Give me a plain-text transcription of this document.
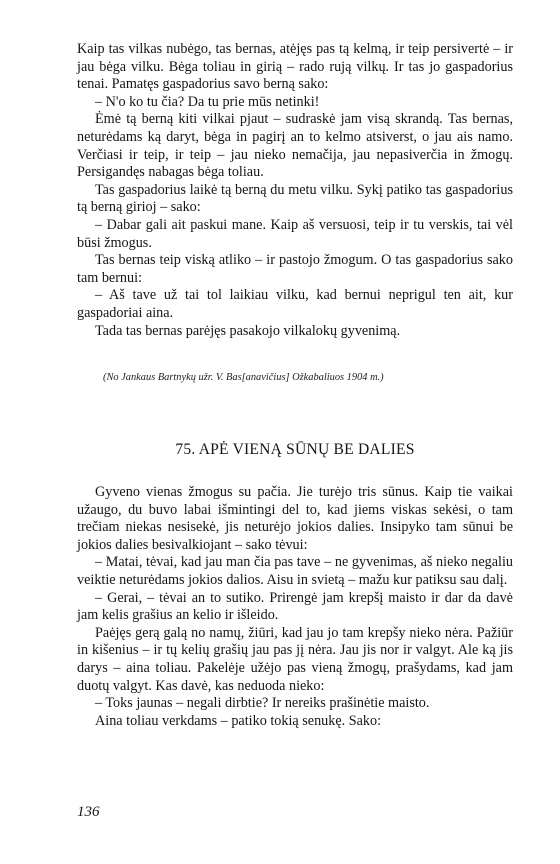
Kaip tas vilkas nubėgo, tas bernas, atėjęs pas tą kelmą, ir teip persivertė – ir jau bėga vilku. Bėga toliau in girią – rado rują vilkų. Ir tas jo gaspadorius tenai. Pamatęs gaspadorius savo berną sako:

– N'o ko tu čia? Da tu prie mūs netinki!

Ėmė tą berną kiti vilkai pjaut – sudraskė jam visą skrandą. Tas bernas, neturėdams ką daryt, bėga in pagirį an to kelmo atsiverst, o jau ais namo. Verčiasi ir teip, ir teip – jau nieko nemačija, jau nepasiverčia in žmogų. Persigandęs nabagas bėga toliau.

Tas gaspadorius laikė tą berną du metu vilku. Sykį patiko tas gaspadorius tą berną girioj – sako:

– Dabar gali ait paskui mane. Kaip aš versuosi, teip ir tu verskis, tai vėl būsi žmogus.

Tas bernas teip viską atliko – ir pastojo žmogum. O tas gaspadorius sako tam bernui:

– Aš tave už tai tol laikiau vilku, kad bernui neprigul ten ait, kur gaspadoriai aina.

Tada tas bernas parėjęs pasakojo vilkalokų gyvenimą.

(No Jankaus Bartnykų užr. V. Bas[anavičius] Ožkabaliuos 1904 m.)
75. APĖ VIENĄ SŪNŲ BE DALIES

Gyveno vienas žmogus su pačia. Jie turėjo tris sūnus. Kaip tie vaikai užaugo, du buvo labai išmintingi del to, kad jiems viskas sekėsi, o tam trečiam niekas nesisekė, jis neturėjo jokios dalies. Insipyko tam sūnui be jokios dalies besivalkiojant – sako tėvui:

– Matai, tėvai, kad jau man čia pas tave – ne gyvenimas, aš nieko negaliu veiktie neturėdams jokios dalios. Aisu in svietą – mažu kur patiksu sau dalį.

– Gerai, – tėvai an to sutiko. Prirengė jam krepšį maisto ir dar da davė jam kelis grašius an kelio ir išleido.

Paėjęs gerą galą no namų, žiūri, kad jau jo tam krepšy nieko nėra. Pažiūr in kišenius – ir tų kelių grašių jau pas jį nėra. Jau jis nor ir valgyt. Ale ką jis darys – aina toliau. Pakelėje užėjo pas vieną žmogų, prašydams, kad jam duotų valgyt. Kas davė, kas neduoda nieko:

– Toks jaunas – negali dirbtie? Ir nereiks prašinėtie maisto.

Aina toliau verkdams – patiko tokią senukę. Sako:

136
